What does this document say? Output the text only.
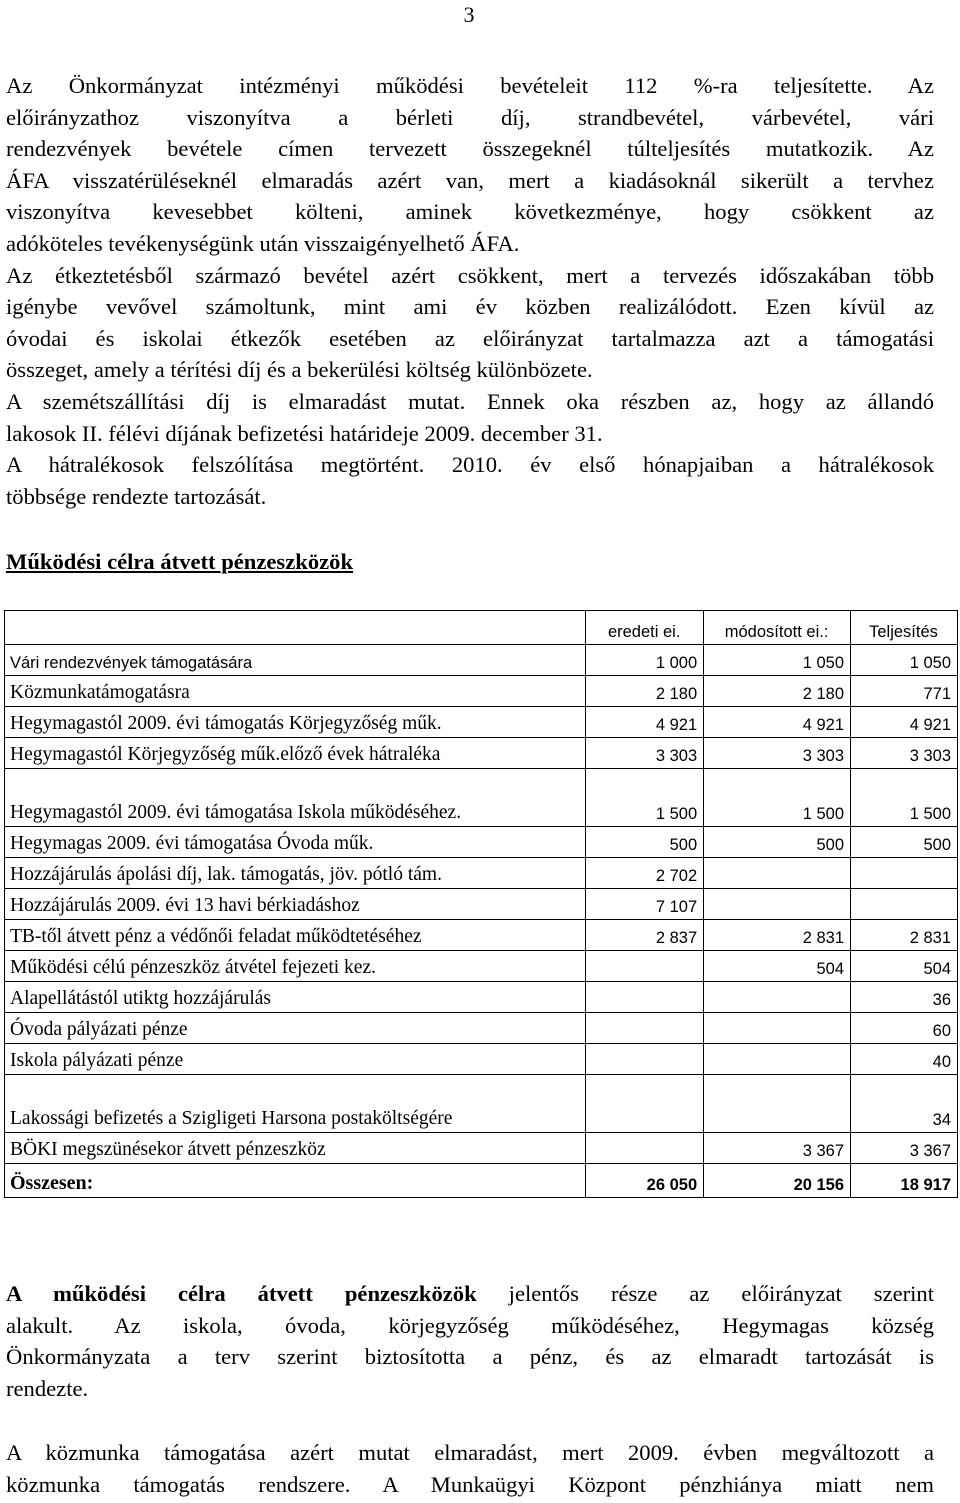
3
Az Önkormányzat intézményi működési bevételeit 112 %-ra teljesítette. Az
előirányzathoz viszonyítva a bérleti díj, strandbevétel, várbevétel, vári
rendezvények bevétele címen tervezett összegeknél túlteljesítés mutatkozik. Az
ÁFA visszatérüléseknél elmaradás azért van, mert a kiadásoknál sikerült a tervhez
viszonyítva kevesebbet költeni, aminek következménye, hogy csökkent az
adóköteles tevékenységünk után visszaigényelhető ÁFA.
Az étkeztetésből származó bevétel azért csökkent, mert a tervezés időszakában több
igénybe vevővel számoltunk, mint ami év közben realizálódott. Ezen kívül az
óvodai és iskolai étkezők esetében az előirányzat tartalmazza azt a támogatási
összeget, amely a térítési díj és a bekerülési költség különbözete.
A szemétszállítási díj is elmaradást mutat. Ennek oka részben az, hogy az állandó
lakosok II. félévi díjának befizetési határideje 2009. december 31.
A hátralékosok felszólítása megtörtént. 2010. év első hónapjaiban a hátralékosok
többsége rendezte tartozását.
Működési célra átvett pénzeszközök
	eredeti ei.	módosított ei.:	Teljesítés
Vári rendezvények támogatására	1 000	1 050	1 050
Közmunkatámogatásra	2 180	2 180	771
Hegymagastól 2009. évi támogatás Körjegyzőség műk.	4 921	4 921	4 921
Hegymagastól Körjegyzőség műk.előző évek hátraléka	3 303	3 303	3 303
Hegymagastól 2009. évi támogatása Iskola működéséhez.	1 500	1 500	1 500
Hegymagas 2009. évi támogatása Óvoda műk.	500	500	500
Hozzájárulás ápolási díj, lak. támogatás, jöv. pótló tám.	2 702		
Hozzájárulás 2009. évi 13 havi bérkiadáshoz	7 107		
TB-től átvett pénz a védőnői feladat működtetéséhez	2 837	2 831	2 831
Működési célú pénzeszköz átvétel fejezeti kez.		504	504
Alapellátástól utiktg hozzájárulás			36
Óvoda pályázati pénze			60
Iskola pályázati pénze			40
Lakossági befizetés a Szigligeti Harsona postaköltségére			34
BÖKI megszünésekor átvett pénzeszköz		3 367	3 367
Összesen:	26 050	20 156	18 917
A működési célra átvett pénzeszközök jelentős része az előirányzat szerint
alakult. Az iskola, óvoda, körjegyzőség működéséhez, Hegymagas község
Önkormányzata a terv szerint biztosította a pénz, és az elmaradt tartozását is
rendezte.
A közmunka támogatása azért mutat elmaradást, mert 2009. évben megváltozott a
közmunka támogatás rendszere. A Munkaügyi Központ pénzhiánya miatt nem
